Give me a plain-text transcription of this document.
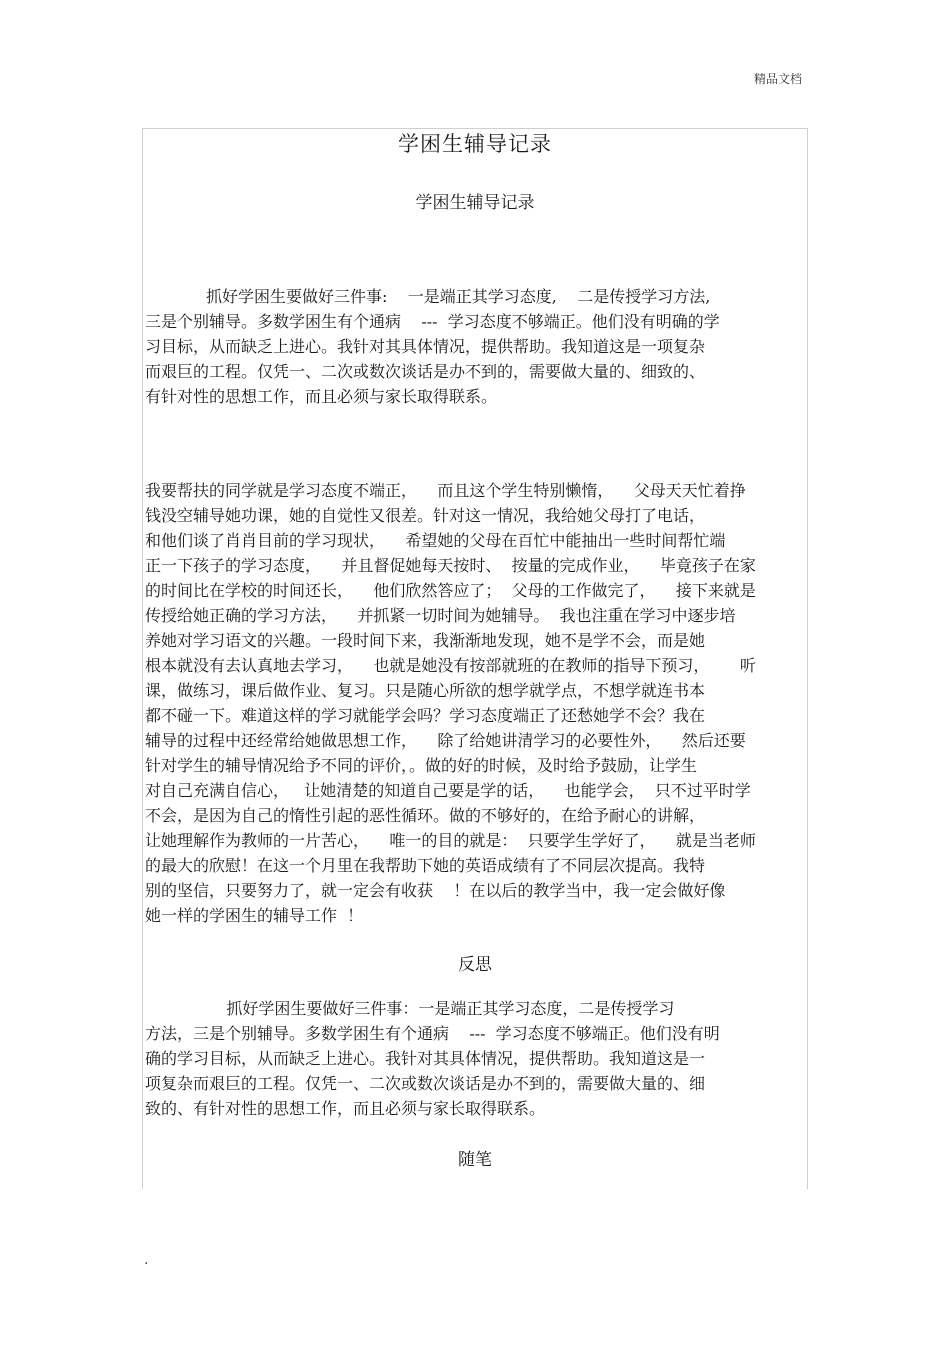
精品文档
学困生辅导记录
学困生辅导记录
抓好学困生要做好三件事:    一是端正其学习态度,    二是传授学习方法,
三是个别辅导。多数学困生有个通病    ---  学习态度不够端正。他们没有明确的学
习目标，从而缺乏上进心。我针对其具体情况，提供帮助。我知道这是一项复杂
而艰巨的工程。仅凭一、二次或数次谈话是办不到的，需要做大量的、细致的、
有针对性的思想工作，而且必须与家长取得联系。
我要帮扶的同学就是学习态度不端正，    而且这个学生特别懒惰，    父母天天忙着挣
钱没空辅导她功课，她的自觉性又很差。针对这一情况，我给她父母打了电话，
和他们谈了肖肖目前的学习现状，    希望她的父母在百忙中能抽出一些时间帮忙端
正一下孩子的学习态度，    并且督促她每天按时、  按量的完成作业，    毕竟孩子在家
的时间比在学校的时间还长，    他们欣然答应了；  父母的工作做完了，    接下来就是
传授给她正确的学习方法，    并抓紧一切时间为她辅导。  我也注重在学习中逐步培
养她对学习语文的兴趣。一段时间下来，我渐渐地发现，她不是学不会，而是她
根本就没有去认真地去学习，    也就是她没有按部就班的在教师的指导下预习，      听
课，做练习，课后做作业、复习。只是随心所欲的想学就学点，不想学就连书本
都不碰一下。难道这样的学习就能学会吗？学习态度端正了还愁她学不会？我在
辅导的过程中还经常给她做思想工作，    除了给她讲清学习的必要性外，    然后还要
针对学生的辅导情况给予不同的评价，。做的好的时候，及时给予鼓励，让学生
对自己充满自信心，   让她清楚的知道自己要是学的话，    也能学会，  只不过平时学
不会，是因为自己的惰性引起的恶性循环。做的不够好的，在给予耐心的讲解，
让她理解作为教师的一片苦心，    唯一的目的就是：  只要学生学好了，    就是当老师
的最大的欣慰！在这一个月里在我帮助下她的英语成绩有了不同层次提高。我特
别的坚信，只要努力了，就一定会有收获    ！在以后的教学当中，我一定会做好像
她一样的学困生的辅导工作  ！
反思
抓好学困生要做好三件事：一是端正其学习态度，二是传授学习
方法，三是个别辅导。多数学困生有个通病    ---  学习态度不够端正。他们没有明
确的学习目标，从而缺乏上进心。我针对其具体情况，提供帮助。我知道这是一
项复杂而艰巨的工程。仅凭一、二次或数次谈话是办不到的，需要做大量的、细
致的、有针对性的思想工作，而且必须与家长取得联系。
随笔
.
